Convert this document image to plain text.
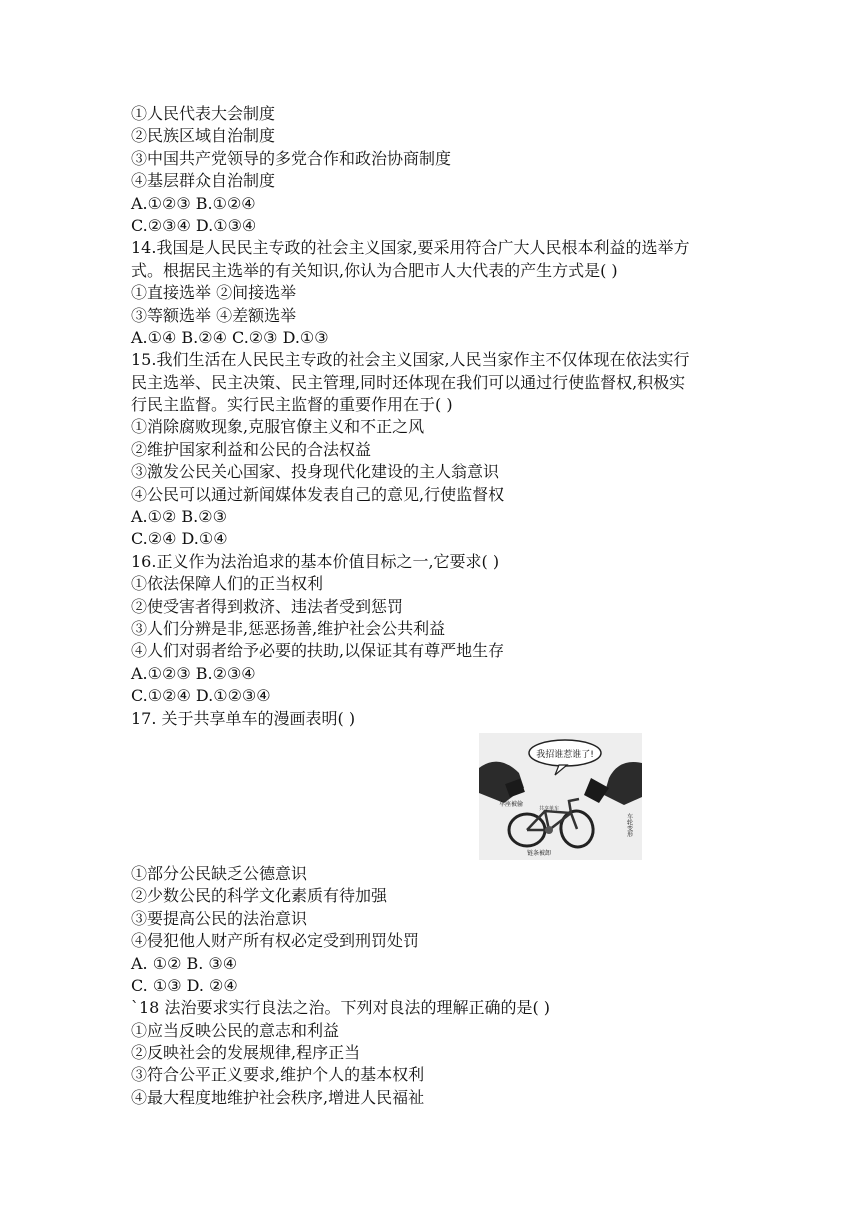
①人民代表大会制度
②民族区域自治制度
③中国共产党领导的多党合作和政治协商制度
④基层群众自治制度
A.①②③ B.①②④
C.②③④ D.①③④
14.我国是人民民主专政的社会主义国家,要采用符合广大人民根本利益的选举方
式。根据民主选举的有关知识,你认为合肥市人大代表的产生方式是( )
①直接选举 ②间接选举
③等额选举 ④差额选举
A.①④ B.②④ C.②③ D.①③
15.我们生活在人民民主专政的社会主义国家,人民当家作主不仅体现在依法实行
民主选举、民主决策、民主管理,同时还体现在我们可以通过行使监督权,积极实
行民主监督。实行民主监督的重要作用在于( )
①消除腐败现象,克服官僚主义和不正之风
②维护国家利益和公民的合法权益
③激发公民关心国家、投身现代化建设的主人翁意识
④公民可以通过新闻媒体发表自己的意见,行使监督权
A.①② B.②③
C.②④ D.①④
16.正义作为法治追求的基本价值目标之一,它要求( )
①依法保障人们的正当权利
②使受害者得到救济、违法者受到惩罚
③人们分辨是非,惩恶扬善,维护社会公共利益
④人们对弱者给予必要的扶助,以保证其有尊严地生存
A.①②③ B.②③④
C.①②④ D.①②③④
17. 关于共享单车的漫画表明( )
我招谁惹谁了!
车座被偷
共享单车
链条被卸
车轮变形
①部分公民缺乏公德意识
②少数公民的科学文化素质有待加强
③要提高公民的法治意识
④侵犯他人财产所有权必定受到刑罚处罚
A. ①② B. ③④
C. ①③ D. ②④
`18 法治要求实行良法之治。下列对良法的理解正确的是( )
①应当反映公民的意志和利益
②反映社会的发展规律,程序正当
③符合公平正义要求,维护个人的基本权利
④最大程度地维护社会秩序,增进人民福祉
